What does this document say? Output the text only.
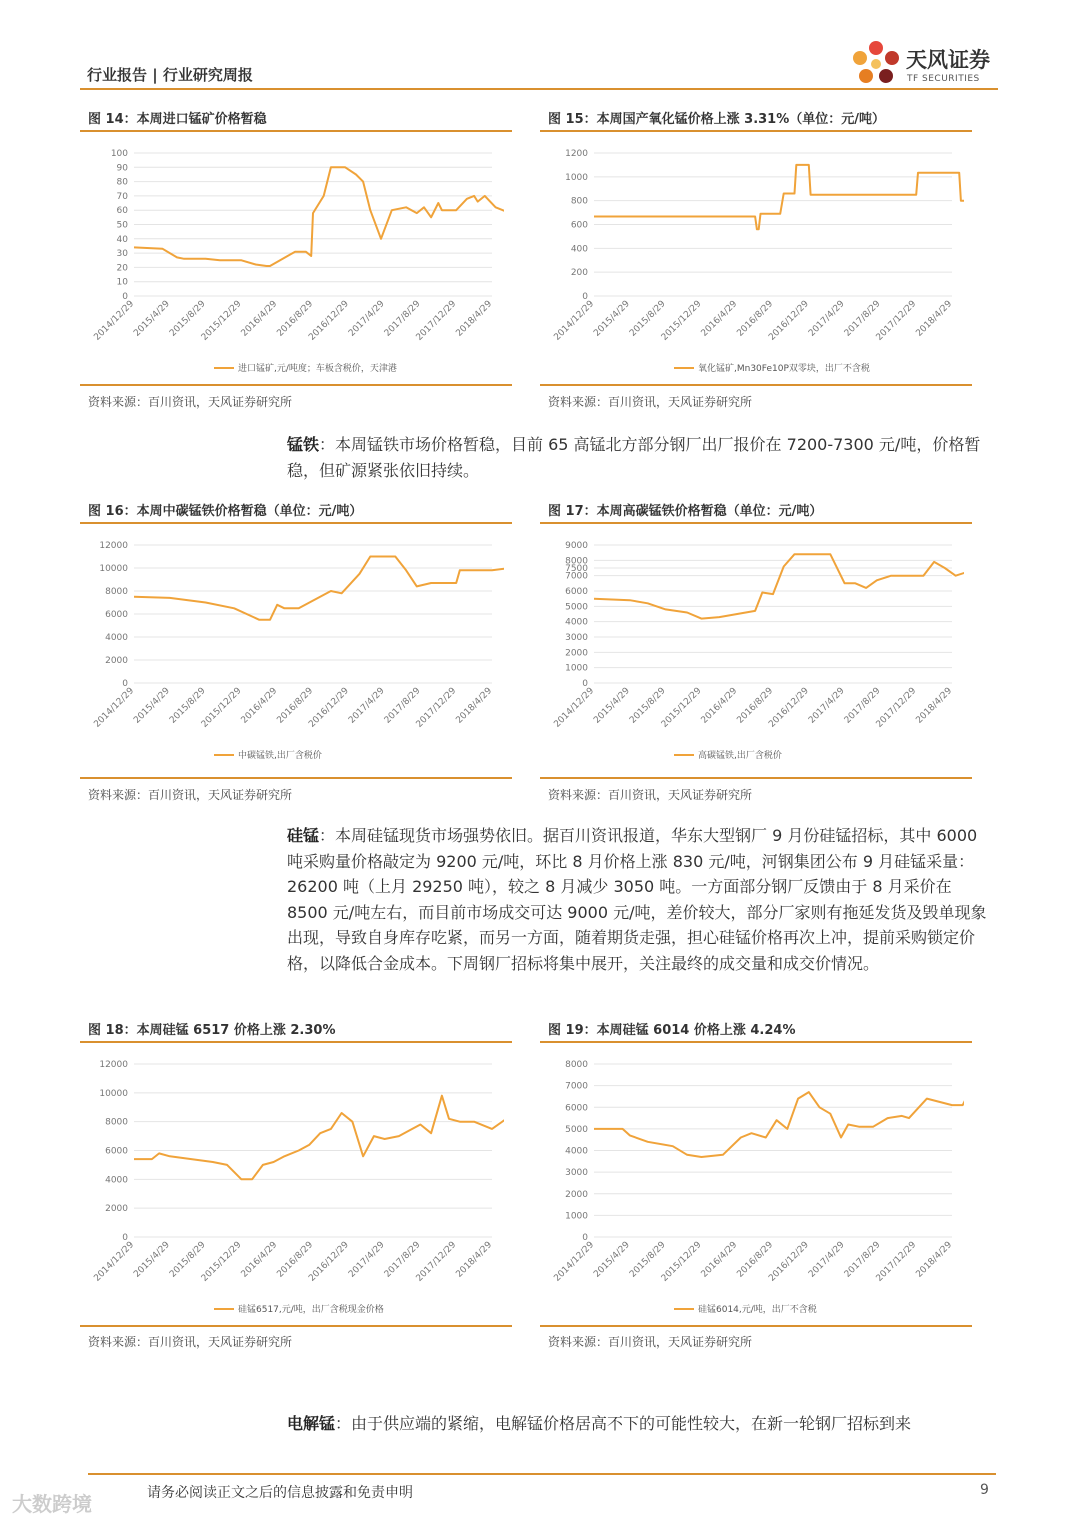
行业报告 | 行业研究周报
天风证券
TF SECURITIES
图 14：本周进口锰矿价格暂稳
0
10
20
30
40
50
60
70
80
90
100
2014/12/29
2015/4/29
2015/8/29
2015/12/29
2016/4/29
2016/8/29
2016/12/29
2017/4/29
2017/8/29
2017/12/29
2018/4/29
进口锰矿,元/吨度；车板含税价，天津港
资料来源：百川资讯，天风证券研究所
图 15：本周国产氧化锰价格上涨 3.31%（单位：元/吨）
0
200
400
600
800
1000
1200
2014/12/29
2015/4/29
2015/8/29
2015/12/29
2016/4/29
2016/8/29
2016/12/29
2017/4/29
2017/8/29
2017/12/29
2018/4/29
氧化锰矿,Mn30Fe10P双零块，出厂不含税
资料来源：百川资讯，天风证券研究所
锰铁：本周锰铁市场价格暂稳，目前 65 高锰北方部分钢厂出厂报价在 7200-7300 元/吨，价格暂稳，但矿源紧张依旧持续。
图 16：本周中碳锰铁价格暂稳（单位：元/吨）
0
2000
4000
6000
8000
10000
12000
2014/12/29
2015/4/29
2015/8/29
2015/12/29
2016/4/29
2016/8/29
2016/12/29
2017/4/29
2017/8/29
2017/12/29
2018/4/29
中碳锰铁,出厂含税价
资料来源：百川资讯，天风证券研究所
图 17：本周高碳锰铁价格暂稳（单位：元/吨）
0
1000
2000
3000
4000
5000
6000
7000
7500
8000
9000
2014/12/29
2015/4/29
2015/8/29
2015/12/29
2016/4/29
2016/8/29
2016/12/29
2017/4/29
2017/8/29
2017/12/29
2018/4/29
高碳锰铁,出厂含税价
资料来源：百川资讯，天风证券研究所
硅锰：本周硅锰现货市场强势依旧。据百川资讯报道，华东大型钢厂 9 月份硅锰招标，其中 6000 吨采购量价格敲定为 9200 元/吨，环比 8 月价格上涨 830 元/吨，河钢集团公布 9 月硅锰采量：26200 吨（上月 29250 吨），较之 8 月减少 3050 吨。一方面部分钢厂反馈由于 8 月采价在 8500 元/吨左右，而目前市场成交可达 9000 元/吨，差价较大，部分厂家则有拖延发货及毁单现象出现，导致自身库存吃紧，而另一方面，随着期货走强，担心硅锰价格再次上冲，提前采购锁定价格，以降低合金成本。下周钢厂招标将集中展开，关注最终的成交量和成交价情况。
图 18：本周硅锰 6517 价格上涨 2.30%
0
2000
4000
6000
8000
10000
12000
2014/12/29
2015/4/29
2015/8/29
2015/12/29
2016/4/29
2016/8/29
2016/12/29
2017/4/29
2017/8/29
2017/12/29
2018/4/29
硅锰6517,元/吨，出厂含税现金价格
资料来源：百川资讯，天风证券研究所
图 19：本周硅锰 6014 价格上涨 4.24%
0
1000
2000
3000
4000
5000
6000
7000
8000
2014/12/29
2015/4/29
2015/8/29
2015/12/29
2016/4/29
2016/8/29
2016/12/29
2017/4/29
2017/8/29
2017/12/29
2018/4/29
硅锰6014,元/吨，出厂不含税
资料来源：百川资讯，天风证券研究所
电解锰：由于供应端的紧缩，电解锰价格居高不下的可能性较大，在新一轮钢厂招标到来
请务必阅读正文之后的信息披露和免责申明	9
大数跨境
